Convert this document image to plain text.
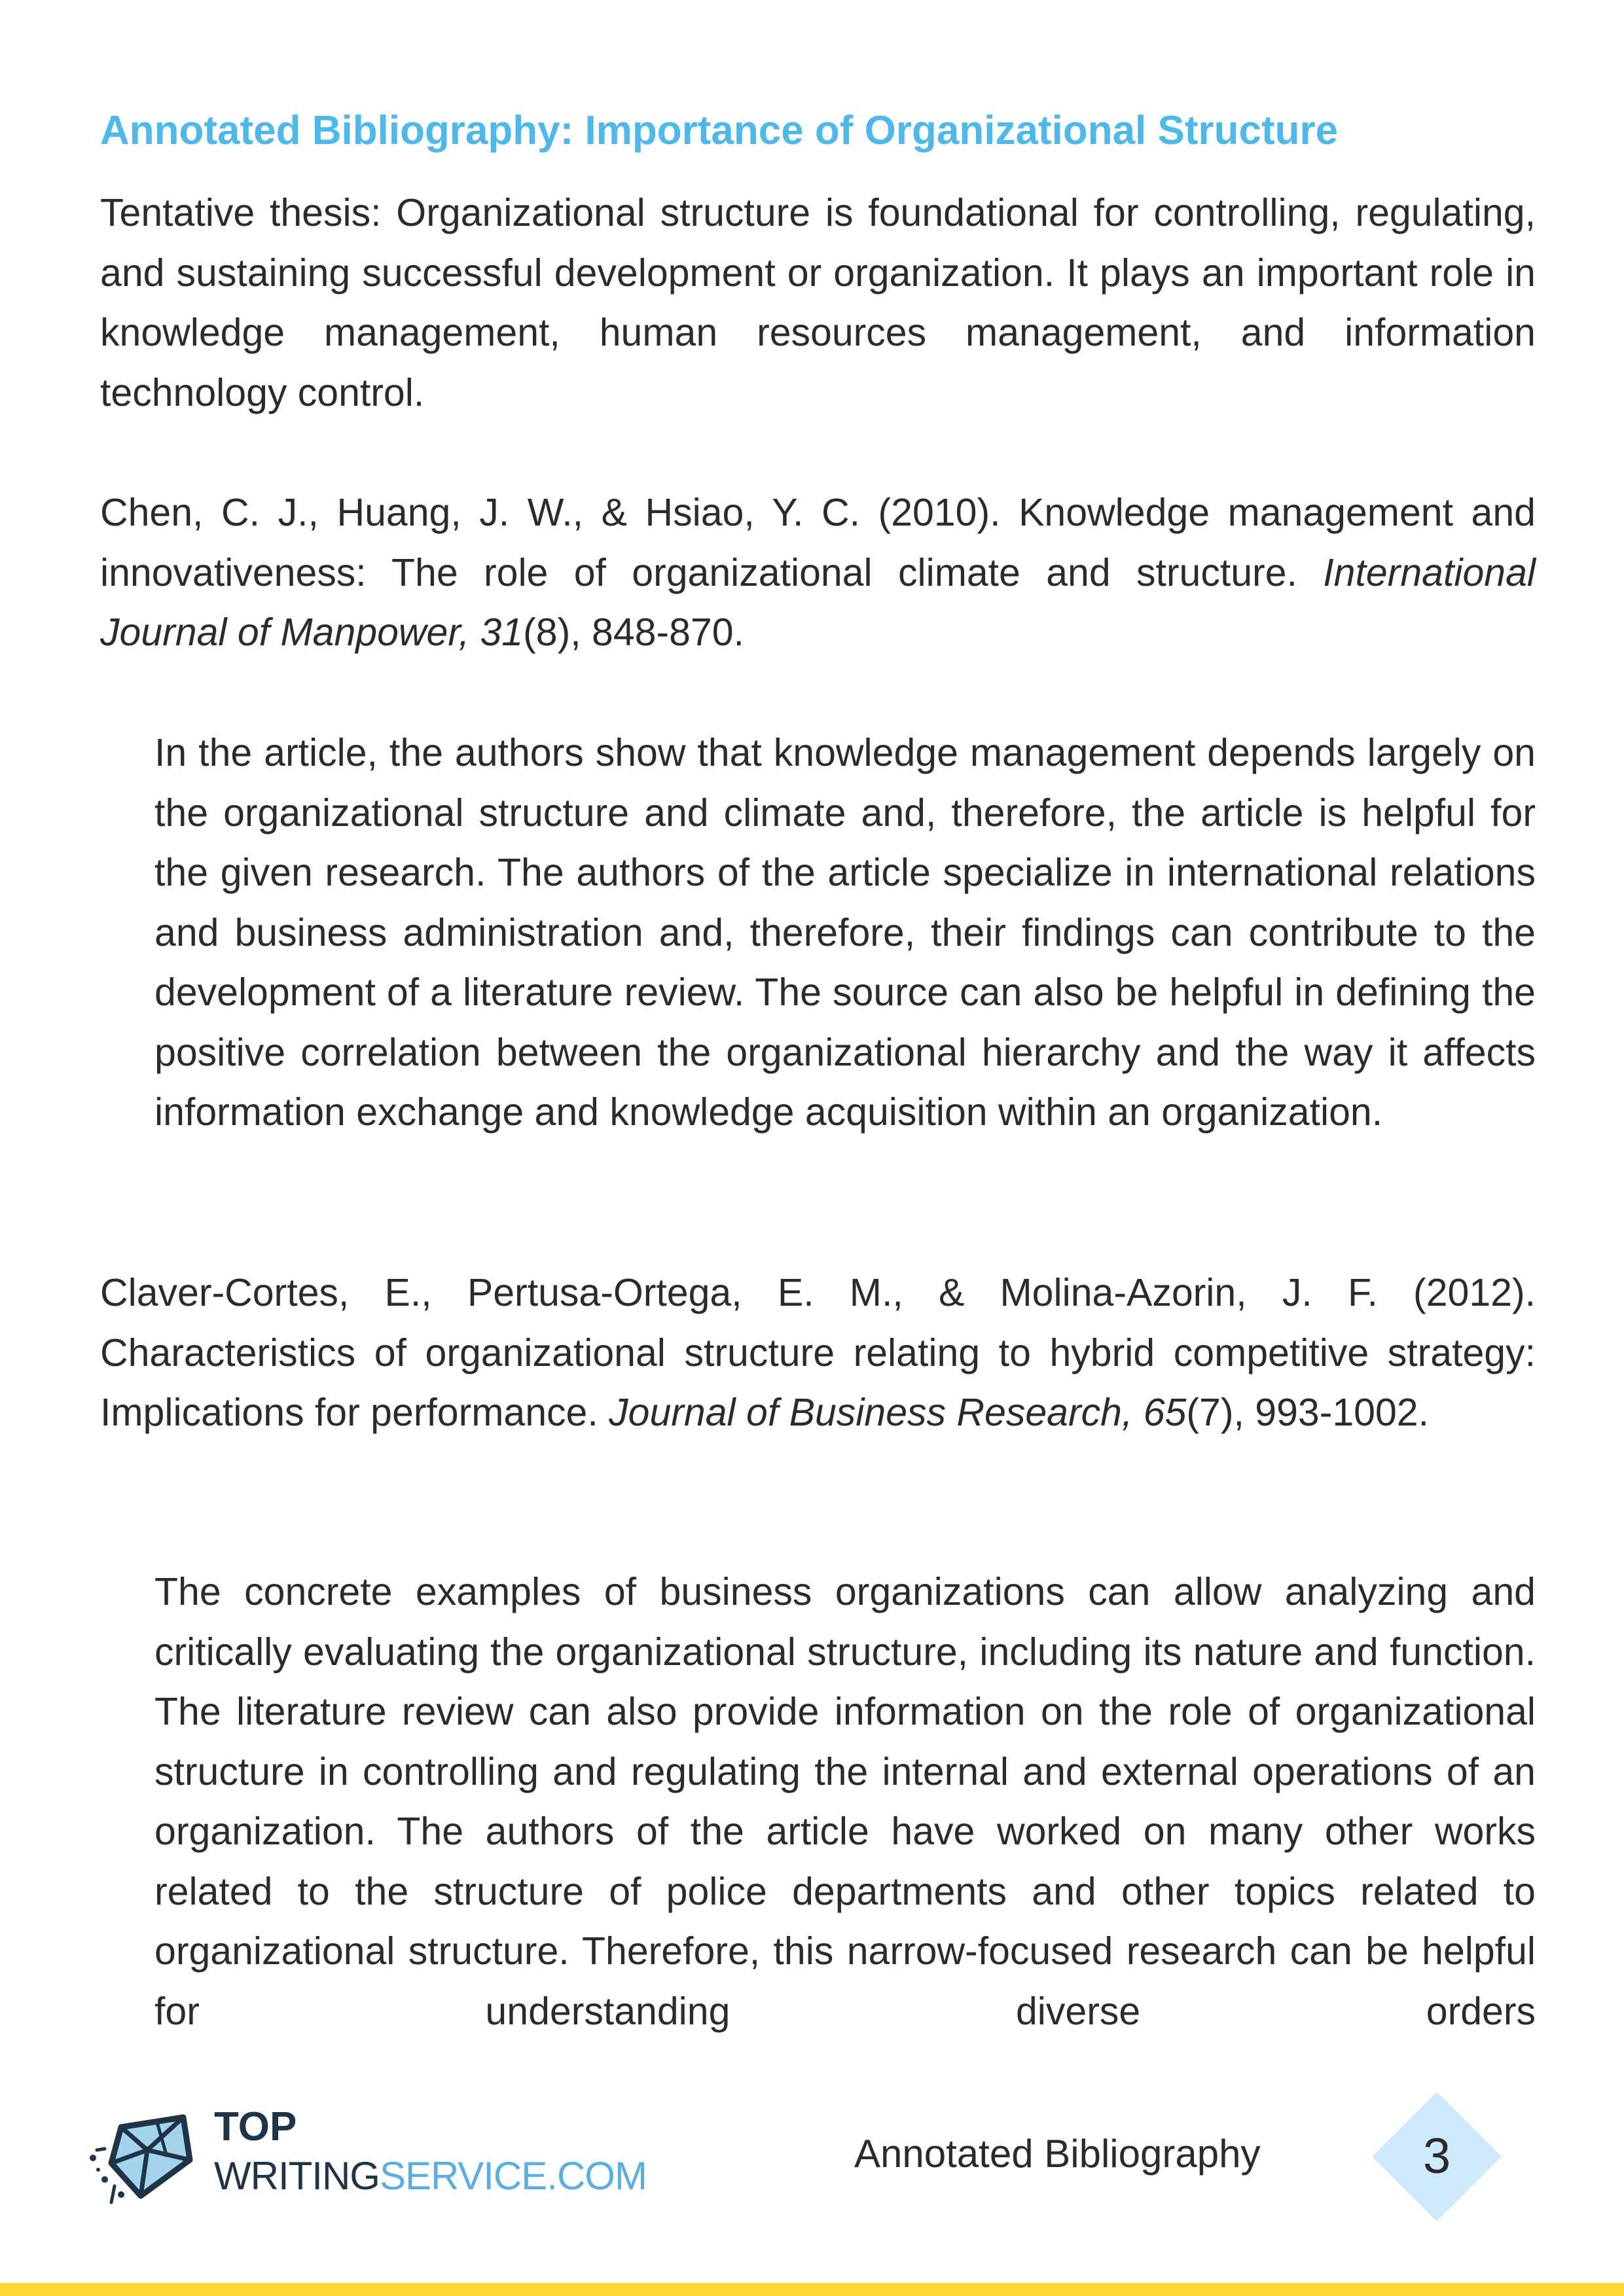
Annotated Bibliography: Importance of Organizational Structure
Tentative thesis: Organizational structure is foundational for controlling, regulating, and sustaining successful development or organization. It plays an important role in knowledge management, human resources management, and information technology control.
Chen, C. J., Huang, J. W., & Hsiao, Y. C. (2010). Knowledge management and innovativeness: The role of organizational climate and structure. International Journal of Manpower, 31(8), 848-870.
In the article, the authors show that knowledge management depends largely on the organizational structure and climate and, therefore, the article is helpful for the given research. The authors of the article specialize in international relations and business administration and, therefore, their findings can contribute to the development of a literature review. The source can also be helpful in defining the positive correlation between the organizational hierarchy and the way it affects information exchange and knowledge acquisition within an organization.
Claver-Cortes, E., Pertusa-Ortega, E. M., & Molina-Azorin, J. F. (2012). Characteristics of organizational structure relating to hybrid competitive strategy: Implications for performance. Journal of Business Research, 65(7), 993-1002.
The concrete examples of business organizations can allow analyzing and critically evaluating the organizational structure, including its nature and function. The literature review can also provide information on the role of organizational structure in controlling and regulating the internal and external operations of an organization. The authors of the article have worked on many other works related to the structure of police departments and other topics related to organizational structure. Therefore, this narrow-focused research can be helpful for understanding diverse orders
TOP
WRITINGSERVICE.COM
Annotated Bibliography	3
